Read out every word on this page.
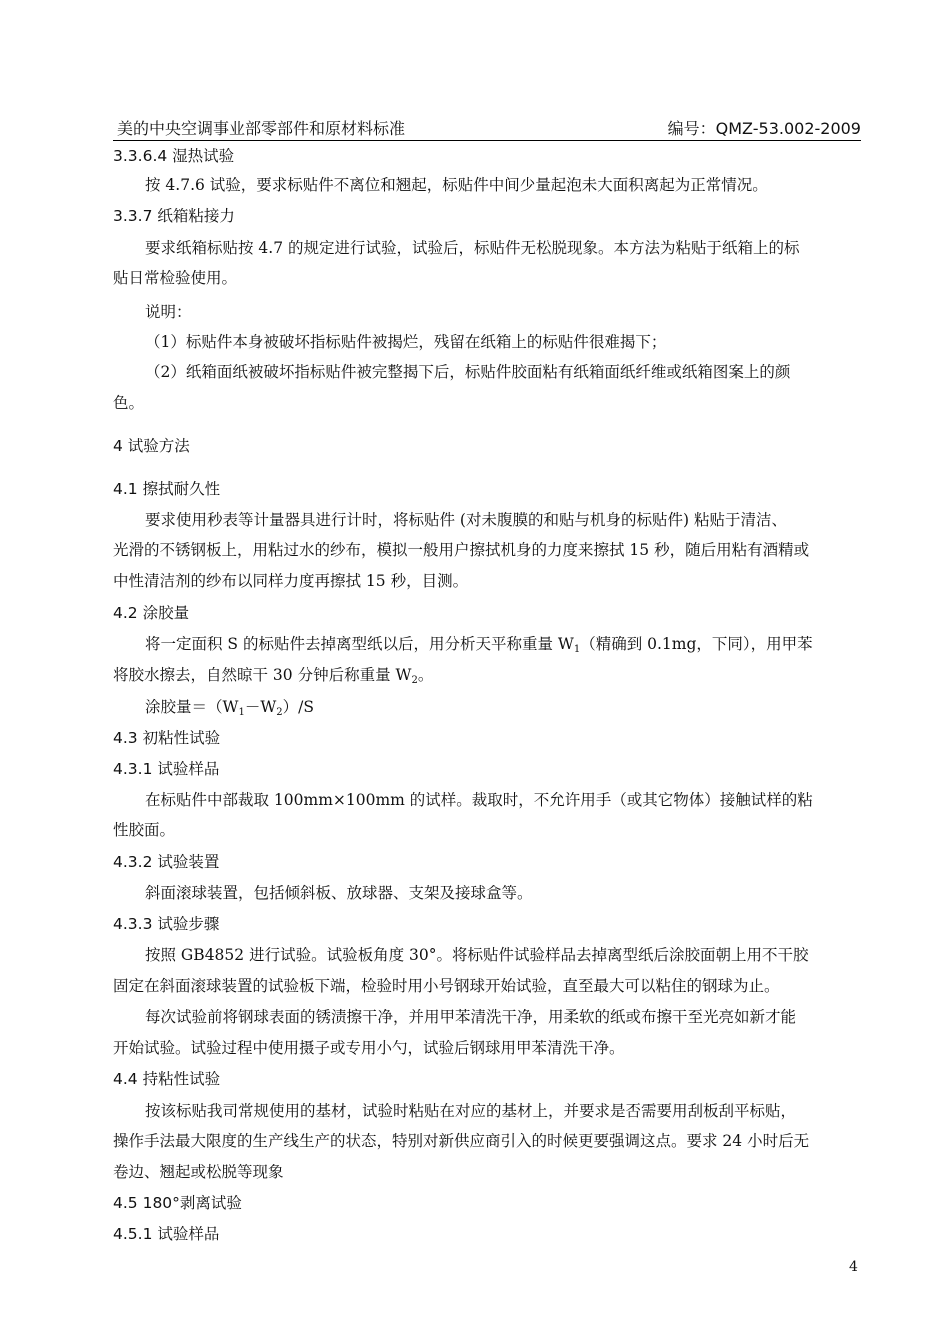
美的中央空调事业部零部件和原材料标准	编号：QMZ-53.002-2009
3.3.6.4 湿热试验
按 4.7.6 试验，要求标贴件不离位和翘起，标贴件中间少量起泡未大面积离起为正常情况。
3.3.7 纸箱粘接力
要求纸箱标贴按 4.7 的规定进行试验，试验后，标贴件无松脱现象。本方法为粘贴于纸箱上的标
贴日常检验使用。
说明：
（1）标贴件本身被破坏指标贴件被揭烂，残留在纸箱上的标贴件很难揭下；
（2）纸箱面纸被破坏指标贴件被完整揭下后，标贴件胶面粘有纸箱面纸纤维或纸箱图案上的颜
色。
4 试验方法
4.1 擦拭耐久性
要求使用秒表等计量器具进行计时，将标贴件 (对未腹膜的和贴与机身的标贴件) 粘贴于清洁、
光滑的不锈钢板上，用粘过水的纱布，模拟一般用户擦拭机身的力度来擦拭 15 秒，随后用粘有酒精或
中性清洁剂的纱布以同样力度再擦拭 15 秒，目测。
4.2 涂胶量
将一定面积 S 的标贴件去掉离型纸以后，用分析天平称重量 $W_1$（精确到 0.1mg，下同），用甲苯
将胶水擦去，自然晾干 30 分钟后称重量 $W_2$。
涂胶量$=(W_1-W_2)/S$
4.3 初粘性试验
4.3.1 试验样品
在标贴件中部裁取 100mm×100mm 的试样。裁取时，不允许用手（或其它物体）接触试样的粘
性胶面。
4.3.2 试验装置
斜面滚球装置，包括倾斜板、放球器、支架及接球盒等。
4.3.3 试验步骤
按照 GB4852 进行试验。试验板角度 30°。将标贴件试验样品去掉离型纸后涂胶面朝上用不干胶
固定在斜面滚球装置的试验板下端，检验时用小号钢球开始试验，直至最大可以粘住的钢球为止。
每次试验前将钢球表面的锈渍擦干净，并用甲苯清洗干净，用柔软的纸或布擦干至光亮如新才能
开始试验。试验过程中使用摄子或专用小勺，试验后钢球用甲苯清洗干净。
4.4 持粘性试验
按该标贴我司常规使用的基材，试验时粘贴在对应的基材上，并要求是否需要用刮板刮平标贴，
操作手法最大限度的生产线生产的状态，特别对新供应商引入的时候更要强调这点。要求 24 小时后无
卷边、翘起或松脱等现象
4.5 180°剥离试验
4.5.1 试验样品
4
